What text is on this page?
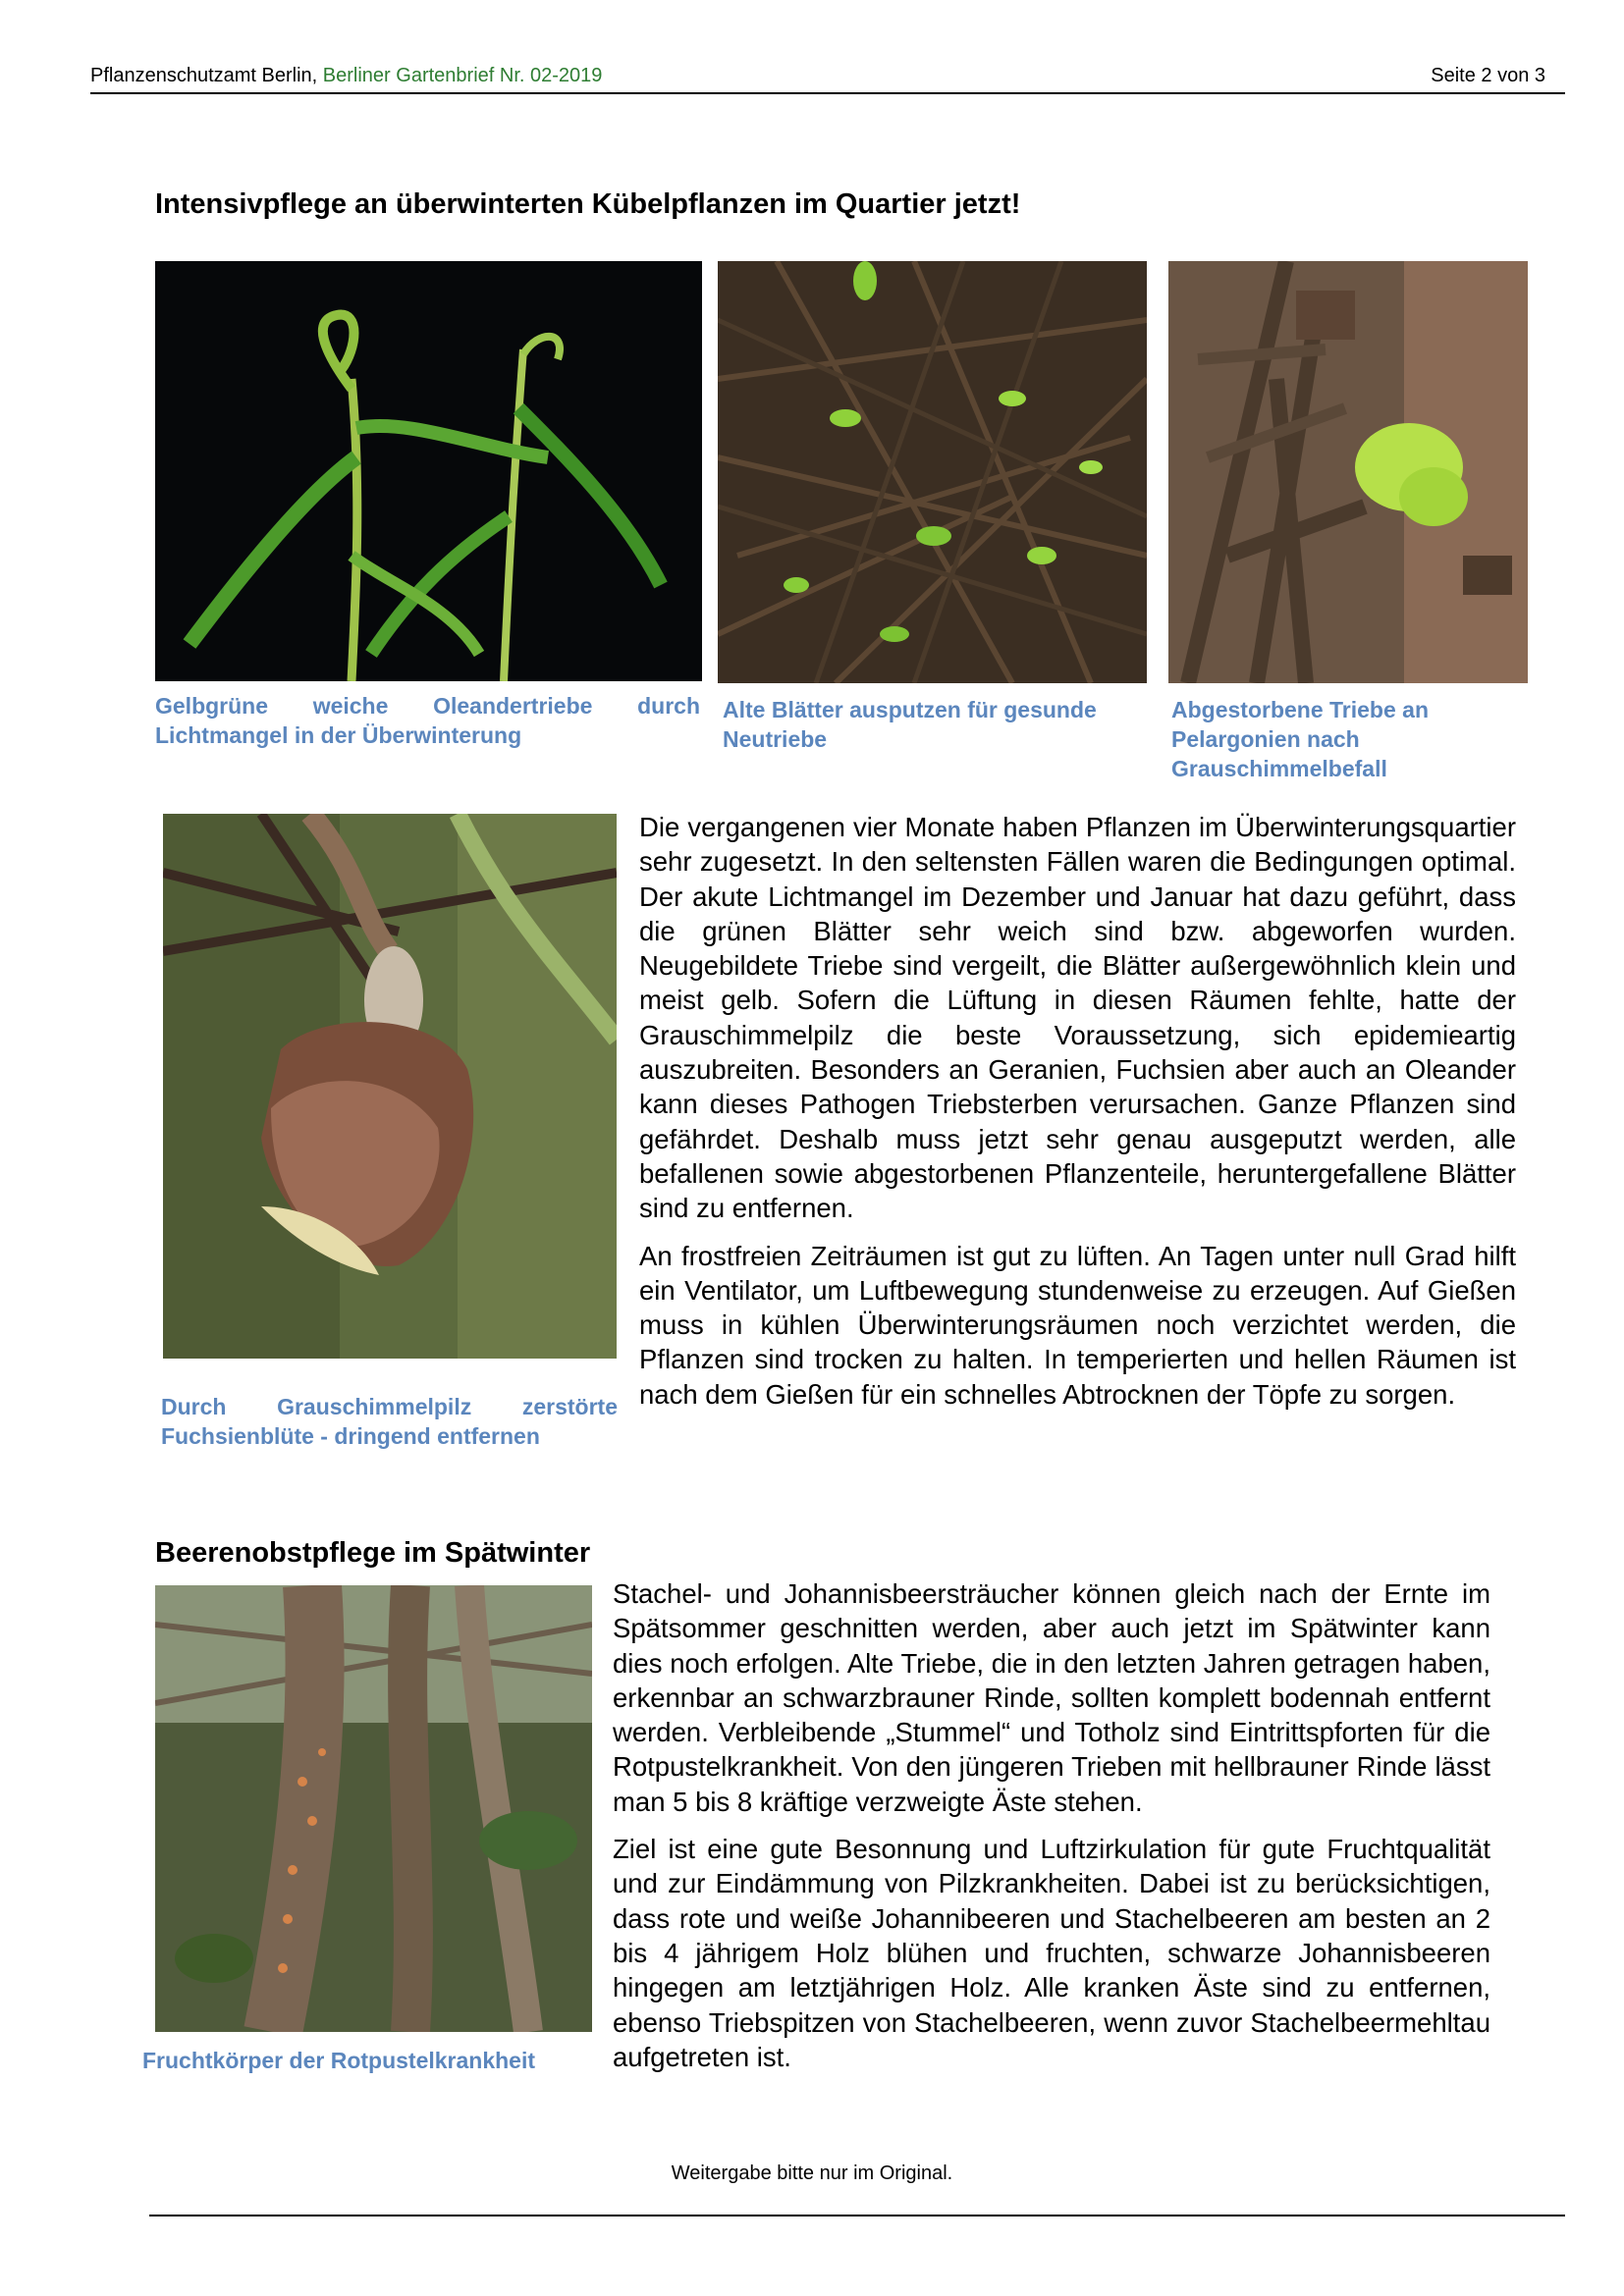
Pflanzenschutzamt Berlin, Berliner Gartenbrief Nr. 02-2019	Seite 2 von 3
Intensivpflege an überwinterten Kübelpflanzen im Quartier jetzt!
Gelbgrüne weiche Oleandertriebe durch Lichtmangel in der Überwinterung
Alte Blätter ausputzen für gesunde Neutriebe
Abgestorbene Triebe an Pelargonien nach Grauschimmelbefall
Durch Grauschimmelpilz zerstörte Fuchsienblüte - dringend entfernen

Die vergangenen vier Monate haben Pflanzen im Überwinterungsquartier sehr zugesetzt. In den seltensten Fällen waren die Bedingungen optimal. Der akute Lichtmangel im Dezember und Januar hat dazu geführt, dass die grünen Blätter sehr weich sind bzw. abgeworfen wurden. Neugebildete Triebe sind vergeilt, die Blätter außergewöhnlich klein und meist gelb. Sofern die Lüftung in diesen Räumen fehlte, hatte der Grauschimmelpilz die beste Voraussetzung, sich epidemieartig auszubreiten. Besonders an Geranien, Fuchsien aber auch an Oleander kann dieses Pathogen Triebsterben verursachen. Ganze Pflanzen sind gefährdet. Deshalb muss jetzt sehr genau ausgeputzt werden, alle befallenen sowie abgestorbenen Pflanzenteile, heruntergefallene Blätter sind zu entfernen.

An frostfreien Zeiträumen ist gut zu lüften. An Tagen unter null Grad hilft ein Ventilator, um Luftbewegung stundenweise zu erzeugen. Auf Gießen muss in kühlen Überwinterungsräumen noch verzichtet werden, die Pflanzen sind trocken zu halten. In temperierten und hellen Räumen ist nach dem Gießen für ein schnelles Abtrocknen der Töpfe zu sorgen.

Beerenobstpflege im Spätwinter
Fruchtkörper der Rotpustelkrankheit

Stachel- und Johannisbeersträucher können gleich nach der Ernte im Spätsommer geschnitten werden, aber auch jetzt im Spätwinter kann dies noch erfolgen. Alte Triebe, die in den letzten Jahren getragen haben, erkennbar an schwarzbrauner Rinde, sollten komplett bodennah entfernt werden. Verbleibende „Stummel“ und Totholz sind Eintrittspforten für die Rotpustelkrankheit. Von den jüngeren Trieben mit hellbrauner Rinde lässt man 5 bis 8 kräftige verzweigte Äste stehen.

Ziel ist eine gute Besonnung und Luftzirkulation für gute Fruchtqualität und zur Eindämmung von Pilzkrankheiten. Dabei ist zu berücksichtigen, dass rote und weiße Johannibeeren und Stachelbeeren am besten an 2 bis 4 jährigem Holz blühen und fruchten, schwarze Johannisbeeren hingegen am letztjährigen Holz. Alle kranken Äste sind zu entfernen, ebenso Triebspitzen von Stachelbeeren, wenn zuvor Stachelbeermehltau aufgetreten ist.

Weitergabe bitte nur im Original.
